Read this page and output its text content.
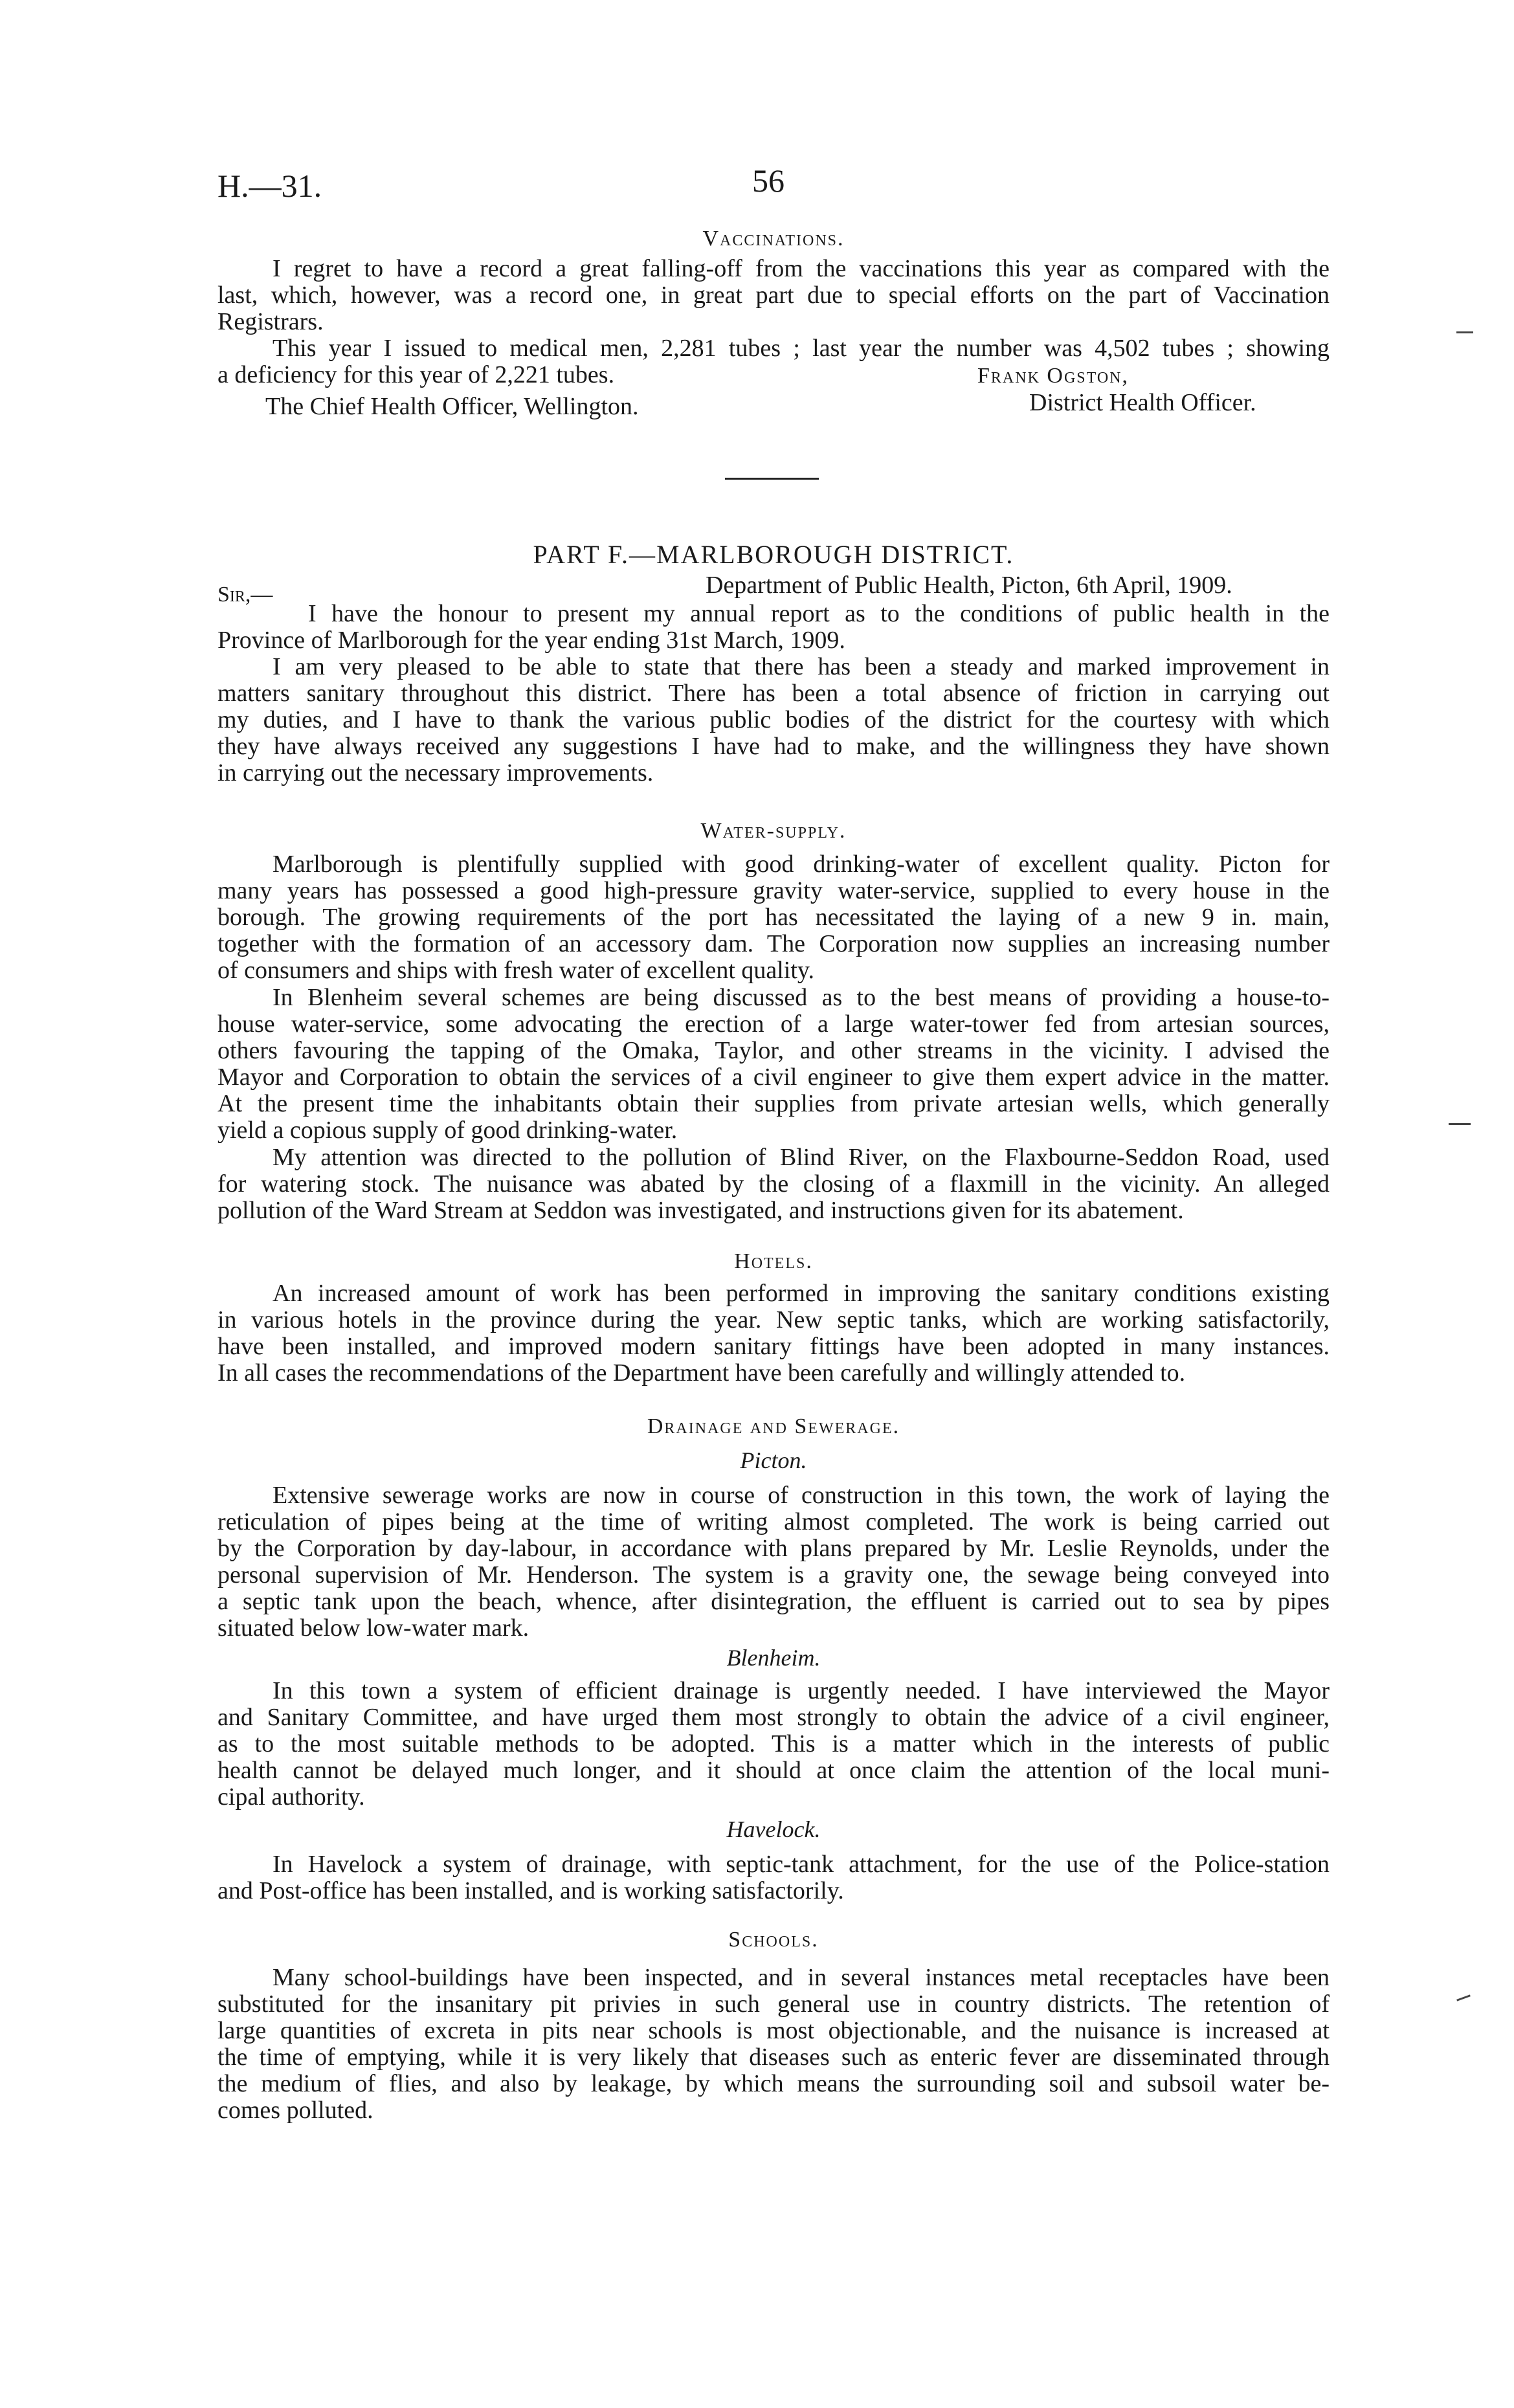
H.—31.	56
Vaccinations.
I regret to have a record a great falling-off from the vaccinations this year as compared with the
last, which, however, was a record one, in great part due to special efforts on the part of Vaccination
Registrars.
This year I issued to medical men, 2,281 tubes ; last year the number was 4,502 tubes ; showing
a deficiency for this year of 2,221 tubes.	Frank Ogston,
The Chief Health Officer, Wellington.	District Health Officer.
PART F.—MARLBOROUGH DISTRICT.
Sir,—	Department of Public Health, Picton, 6th April, 1909.
I have the honour to present my annual report as to the conditions of public health in the
Province of Marlborough for the year ending 31st March, 1909.
I am very pleased to be able to state that there has been a steady and marked improvement in
matters sanitary throughout this district. There has been a total absence of friction in carrying out
my duties, and I have to thank the various public bodies of the district for the courtesy with which
they have always received any suggestions I have had to make, and the willingness they have shown
in carrying out the necessary improvements.
Water-supply.
Marlborough is plentifully supplied with good drinking-water of excellent quality. Picton for
many years has possessed a good high-pressure gravity water-service, supplied to every house in the
borough. The growing requirements of the port has necessitated the laying of a new 9 in. main,
together with the formation of an accessory dam. The Corporation now supplies an increasing number
of consumers and ships with fresh water of excellent quality.
In Blenheim several schemes are being discussed as to the best means of providing a house-to-
house water-service, some advocating the erection of a large water-tower fed from artesian sources,
others favouring the tapping of the Omaka, Taylor, and other streams in the vicinity. I advised the
Mayor and Corporation to obtain the services of a civil engineer to give them expert advice in the matter.
At the present time the inhabitants obtain their supplies from private artesian wells, which generally
yield a copious supply of good drinking-water.
My attention was directed to the pollution of Blind River, on the Flaxbourne-Seddon Road, used
for watering stock. The nuisance was abated by the closing of a flaxmill in the vicinity. An alleged
pollution of the Ward Stream at Seddon was investigated, and instructions given for its abatement.
Hotels.
An increased amount of work has been performed in improving the sanitary conditions existing
in various hotels in the province during the year. New septic tanks, which are working satisfactorily,
have been installed, and improved modern sanitary fittings have been adopted in many instances.
In all cases the recommendations of the Department have been carefully and willingly attended to.
Drainage and Sewerage.
Picton.
Extensive sewerage works are now in course of construction in this town, the work of laying the
reticulation of pipes being at the time of writing almost completed. The work is being carried out
by the Corporation by day-labour, in accordance with plans prepared by Mr. Leslie Reynolds, under the
personal supervision of Mr. Henderson. The system is a gravity one, the sewage being conveyed into
a septic tank upon the beach, whence, after disintegration, the effluent is carried out to sea by pipes
situated below low-water mark.
Blenheim.
In this town a system of efficient drainage is urgently needed. I have interviewed the Mayor
and Sanitary Committee, and have urged them most strongly to obtain the advice of a civil engineer,
as to the most suitable methods to be adopted. This is a matter which in the interests of public
health cannot be delayed much longer, and it should at once claim the attention of the local muni-
cipal authority.
Havelock.
In Havelock a system of drainage, with septic-tank attachment, for the use of the Police-station
and Post-office has been installed, and is working satisfactorily.
Schools.
Many school-buildings have been inspected, and in several instances metal receptacles have been
substituted for the insanitary pit privies in such general use in country districts. The retention of
large quantities of excreta in pits near schools is most objectionable, and the nuisance is increased at
the time of emptying, while it is very likely that diseases such as enteric fever are disseminated through
the medium of flies, and also by leakage, by which means the surrounding soil and subsoil water be-
comes polluted.
